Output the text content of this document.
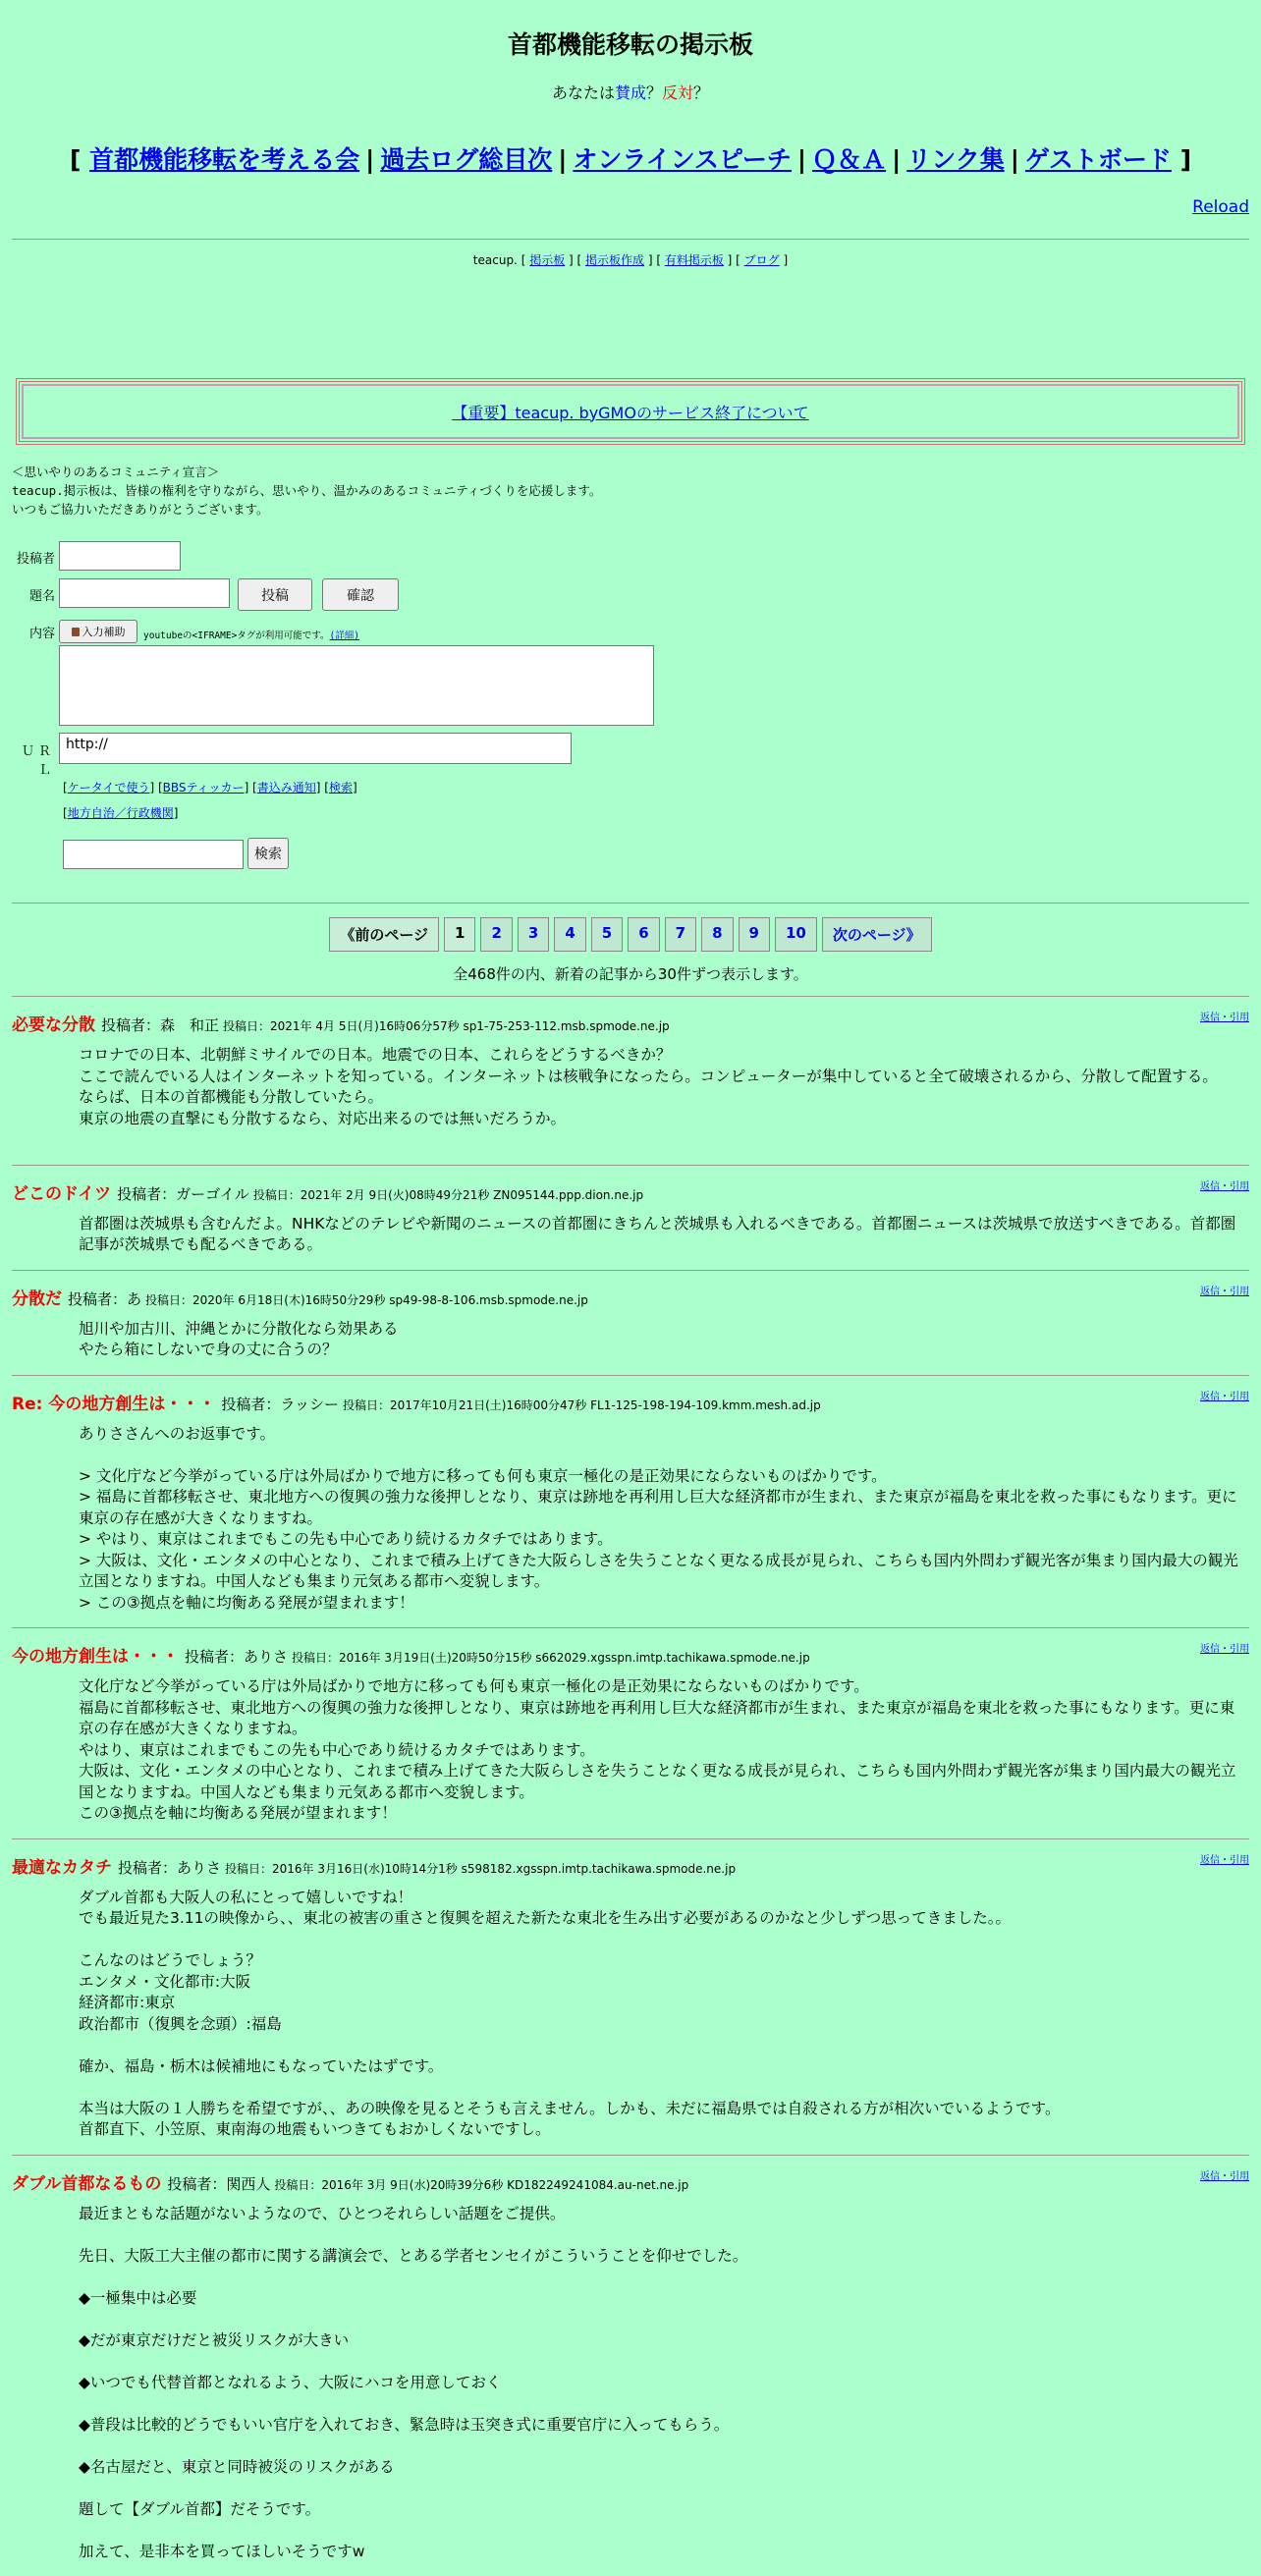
首都機能移転の掲示板
あなたは賛成？反対？
[ 首都機能移転を考える会 | 過去ログ総目次 | オンラインスピーチ | Ｑ＆Ａ | リンク集 | ゲストボード ]
Reload
teacup. [ 掲示板 ] [ 掲示板作成 ] [ 有料掲示板 ] [ ブログ ]
【重要】teacup. byGMOのサービス終了について
＜思いやりのあるコミュニティ宣言＞
teacup.掲示板は、皆様の権利を守りながら、思いやり、温かみのあるコミュニティづくりを応援します。
いつもご協力いただきありがとうございます。
投稿者
題名	投稿	確認
内容	入力補助 youtubeの<IFRAME>タグが利用可能です。(詳細)
ＵＲＬ
http://
[ケータイで使う] [BBSティッカー] [書込み通知] [検索]
[地方自治／行政機関]
検索
《前のページ	1	2	3	4	5	6	7	8	9	10	次のページ》
全468件の内、新着の記事から30件ずつ表示します。
返信・引用
必要な分散 投稿者：森　和正 投稿日：2021年 4月 5日(月)16時06分57秒 sp1-75-253-112.msb.spmode.ne.jp
コロナでの日本、北朝鮮ミサイルでの日本。地震での日本、これらをどうするべきか？
ここで読んでいる人はインターネットを知っている。インターネットは核戦争になったら。コンピューターが集中していると全て破壊されるから、分散して配置する。
ならば、日本の首都機能も分散していたら。
東京の地震の直撃にも分散するなら、対応出来るのでは無いだろうか。

返信・引用
どこのドイツ 投稿者：ガーゴイル 投稿日：2021年 2月 9日(火)08時49分21秒 ZN095144.ppp.dion.ne.jp
首都圏は茨城県も含むんだよ。NHKなどのテレビや新聞のニュースの首都圏にきちんと茨城県も入れるべきである。首都圏ニュースは茨城県で放送すべきである。首都圏記事が茨城県でも配るべきである。
返信・引用
分散だ 投稿者：あ 投稿日：2020年 6月18日(木)16時50分29秒 sp49-98-8-106.msb.spmode.ne.jp
旭川や加古川、沖縄とかに分散化なら効果ある
やたら箱にしないで身の丈に合うの？
返信・引用
Re: 今の地方創生は・・・ 投稿者：ラッシー 投稿日：2017年10月21日(土)16時00分47秒 FL1-125-198-194-109.kmm.mesh.ad.jp
ありささんへのお返事です。

> 文化庁など今挙がっている庁は外局ばかりで地方に移っても何も東京一極化の是正効果にならないものばかりです。
> 福島に首都移転させ、東北地方への復興の強力な後押しとなり、東京は跡地を再利用し巨大な経済都市が生まれ、また東京が福島を東北を救った事にもなります。更に東京の存在感が大きくなりますね。
> やはり、東京はこれまでもこの先も中心であり続けるカタチではあります。
> 大阪は、文化・エンタメの中心となり、これまで積み上げてきた大阪らしさを失うことなく更なる成長が見られ、こちらも国内外問わず観光客が集まり国内最大の観光立国となりますね。中国人なども集まり元気ある都市へ変貌します。
> この③拠点を軸に均衡ある発展が望まれます！
返信・引用
今の地方創生は・・・ 投稿者：ありさ 投稿日：2016年 3月19日(土)20時50分15秒 s662029.xgsspn.imtp.tachikawa.spmode.ne.jp
文化庁など今挙がっている庁は外局ばかりで地方に移っても何も東京一極化の是正効果にならないものばかりです。
福島に首都移転させ、東北地方への復興の強力な後押しとなり、東京は跡地を再利用し巨大な経済都市が生まれ、また東京が福島を東北を救った事にもなります。更に東京の存在感が大きくなりますね。
やはり、東京はこれまでもこの先も中心であり続けるカタチではあります。
大阪は、文化・エンタメの中心となり、これまで積み上げてきた大阪らしさを失うことなく更なる成長が見られ、こちらも国内外問わず観光客が集まり国内最大の観光立国となりますね。中国人なども集まり元気ある都市へ変貌します。
この③拠点を軸に均衡ある発展が望まれます！
返信・引用
最適なカタチ 投稿者：ありさ 投稿日：2016年 3月16日(水)10時14分1秒 s598182.xgsspn.imtp.tachikawa.spmode.ne.jp
ダブル首都も大阪人の私にとって嬉しいですね！
でも最近見た3.11の映像から、、東北の被害の重さと復興を超えた新たな東北を生み出す必要があるのかなと少しずつ思ってきました。。

こんなのはどうでしょう？
エンタメ・文化都市:大阪
経済都市:東京
政治都市（復興を念頭）:福島

確か、福島・栃木は候補地にもなっていたはずです。

本当は大阪の１人勝ちを希望ですが、、あの映像を見るとそうも言えません。しかも、未だに福島県では自殺される方が相次いでいるようです。
首都直下、小笠原、東南海の地震もいつきてもおかしくないですし。
返信・引用
ダブル首都なるもの 投稿者：関西人 投稿日：2016年 3月 9日(水)20時39分6秒 KD182249241084.au-net.ne.jp
最近まともな話題がないようなので、ひとつそれらしい話題をご提供。

先日、大阪工大主催の都市に関する講演会で、とある学者センセイがこういうことを仰せでした。

◆一極集中は必要

◆だが東京だけだと被災リスクが大きい

◆いつでも代替首都となれるよう、大阪にハコを用意しておく

◆普段は比較的どうでもいい官庁を入れておき、緊急時は玉突き式に重要官庁に入ってもらう。

◆名古屋だと、東京と同時被災のリスクがある

題して【ダブル首都】だそうです。

加えて、是非本を買ってほしいそうですw
